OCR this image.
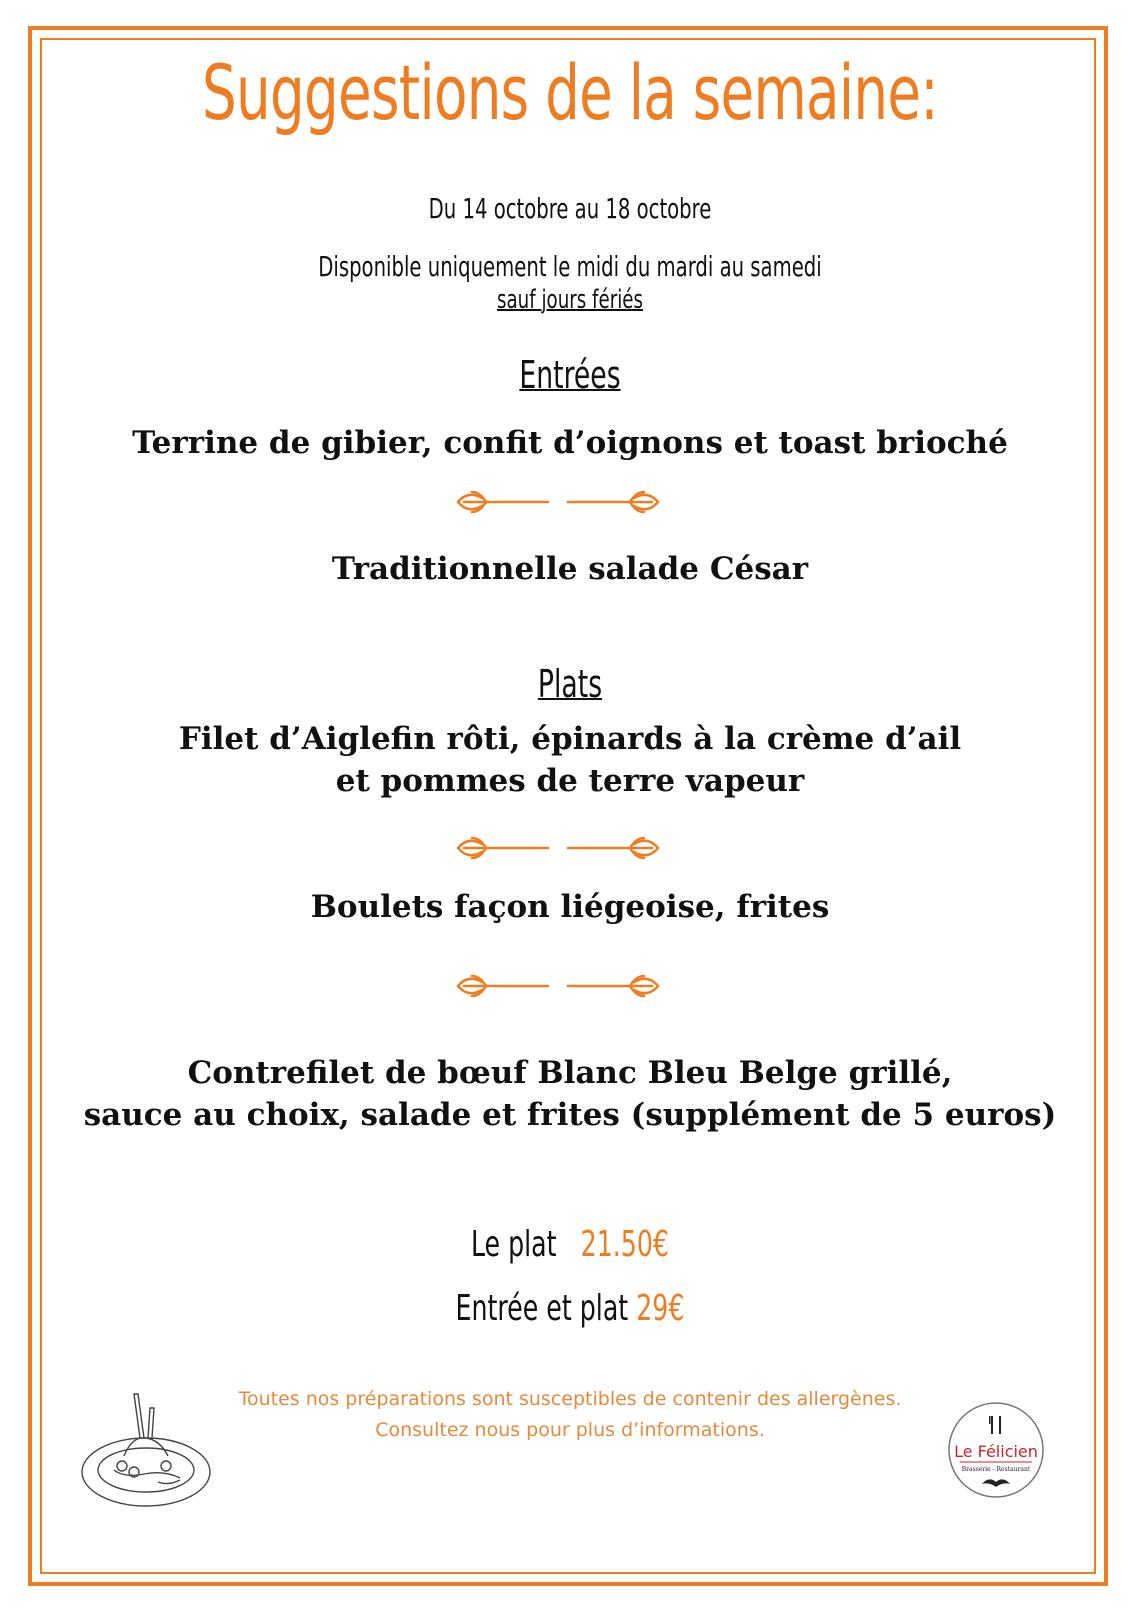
Suggestions de la semaine:
Du 14 octobre au 18 octobre
Disponible uniquement le midi du mardi au samedi
sauf jours fériés
Entrées
Terrine de gibier, confit d’oignons et toast brioché
Traditionnelle salade César
Plats
Filet d’Aiglefin rôti, épinards à la crème d’ail
et pommes de terre vapeur
Boulets façon liégeoise, frites
Contrefilet de bœuf Blanc Bleu Belge grillé,
sauce au choix, salade et frites (supplément de 5 euros)
Le plat 21.50€
Entrée et plat 29€
Toutes nos préparations sont susceptibles de contenir des allergènes.
Consultez nous pour plus d’informations.
Le Félicien
Brasserie - Restaurant
